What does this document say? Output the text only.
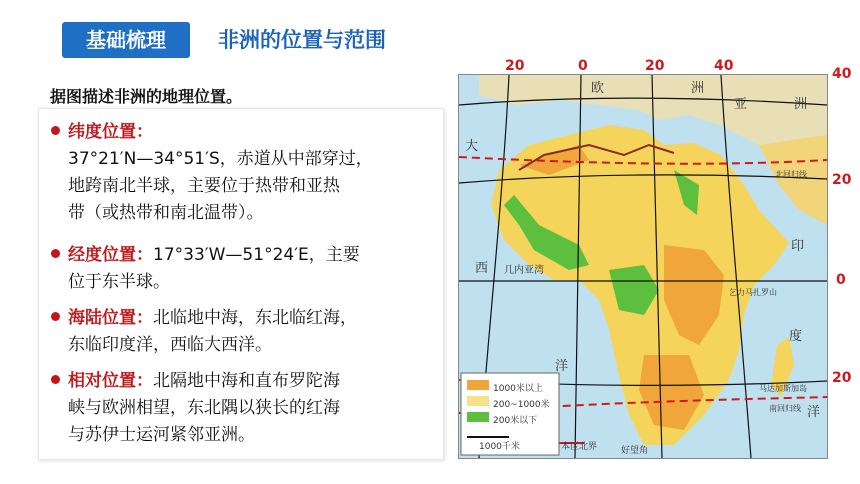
基础梳理	非洲的位置与范围
据图描述非洲的地理位置。
纬度位置：
37°21′N—34°51′S，赤道从中部穿过，
地跨南北半球，主要位于热带和亚热
带（或热带和南北温带）。
经度位置：17°33′W—51°24′E，主要
位于东半球。
海陆位置：北临地中海，东北临红海，
东临印度洋，西临大西洋。
相对位置：北隔地中海和直布罗陀海
峡与欧洲相望，东北隅以狭长的红海
与苏伊士运河紧邻亚洲。
20	0	20	40	40
20
0
20
1000米以上
200~1000米
200米以下
1000千米	本区北界
欧	洲
亚	洲
大
西
洋
印
度
洋
几内亚湾
马达加斯加岛
乞力马扎罗山
北回归线
南回归线
好望角
